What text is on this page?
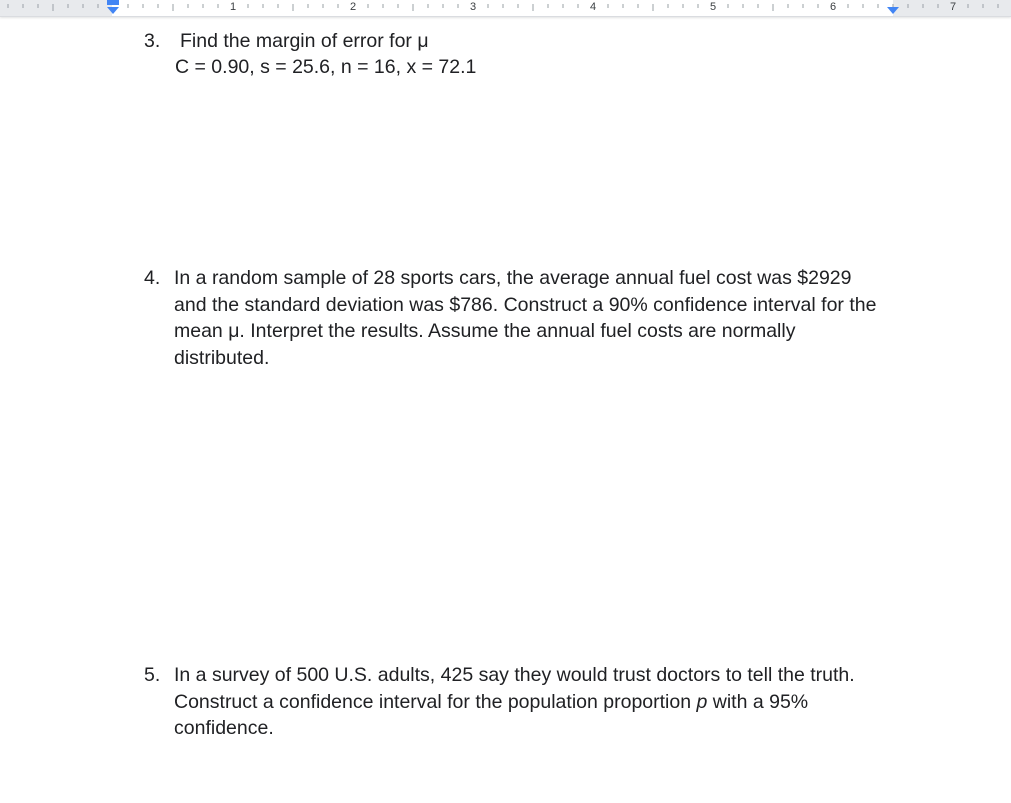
1	2	3	4	5	6	7
3. Find the margin of error for μ
C = 0.90, s = 25.6, n = 16, x = 72.1
4. In a random sample of 28 sports cars, the average annual fuel cost was $2929 and the standard deviation was $786. Construct a 90% confidence interval for the mean μ. Interpret the results. Assume the annual fuel costs are normally distributed.

5. In a survey of 500 U.S. adults, 425 say they would trust doctors to tell the truth. Construct a confidence interval for the population proportion p with a 95% confidence.
